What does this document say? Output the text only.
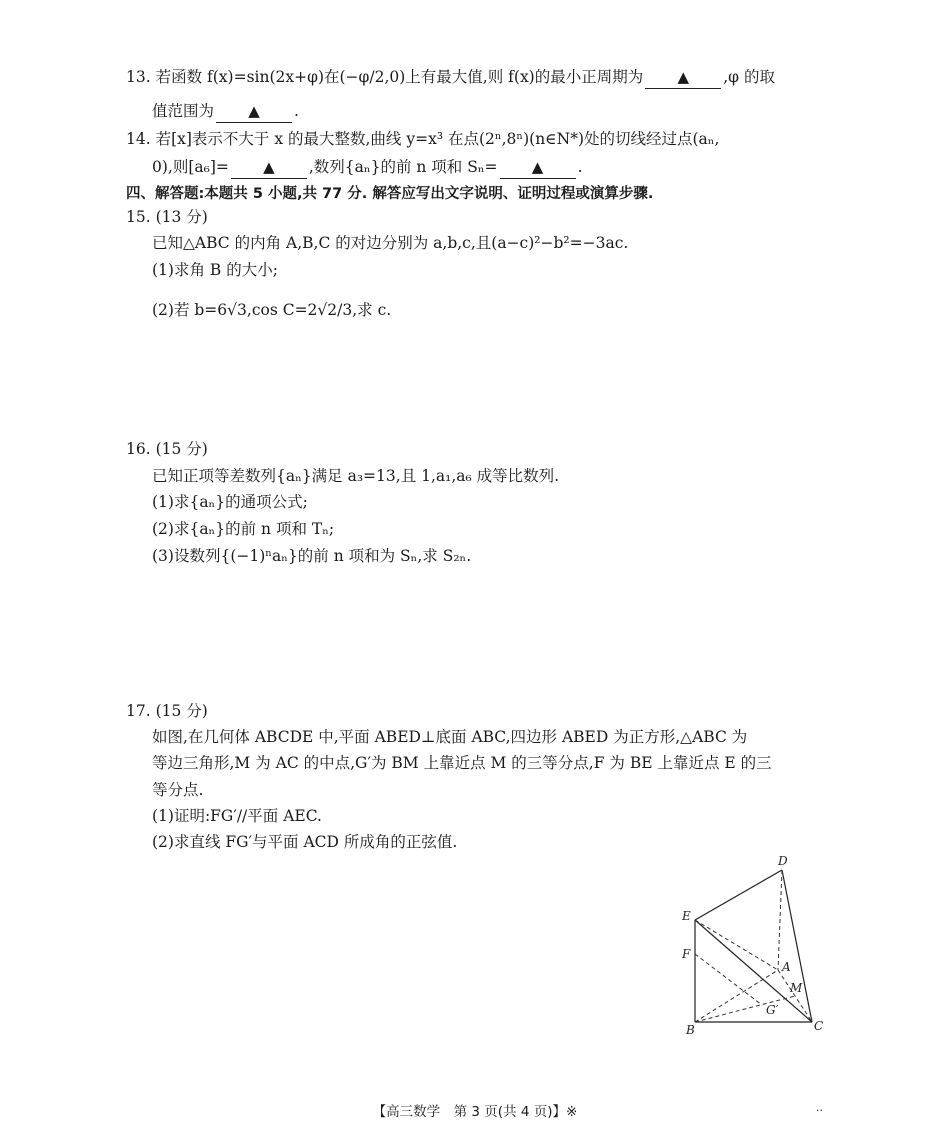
13. 若函数 f(x)=sin(2x+φ)在(−φ/2,0)上有最大值,则 f(x)的最小正周期为 ▲ ,φ 的取
值范围为 ▲ .
14. 若[x]表示不大于 x 的最大整数,曲线 y=x³ 在点(2ⁿ,8ⁿ)(n∈N*)处的切线经过点(aₙ,
0),则[a₆]= ▲ ,数列{aₙ}的前 n 项和 Sₙ= ▲ .
四、解答题:本题共 5 小题,共 77 分. 解答应写出文字说明、证明过程或演算步骤.
15. (13 分)
已知△ABC 的内角 A,B,C 的对边分别为 a,b,c,且(a−c)²−b²=−3ac.
(1)求角 B 的大小;
(2)若 b=6√3,cos C=2√2/3,求 c.
16. (15 分)
已知正项等差数列{aₙ}满足 a₃=13,且 1,a₁,a₆ 成等比数列.
(1)求{aₙ}的通项公式;
(2)求{aₙ}的前 n 项和 Tₙ;
(3)设数列{(−1)ⁿaₙ}的前 n 项和为 Sₙ,求 S₂ₙ.
17. (15 分)
如图,在几何体 ABCDE 中,平面 ABED⊥底面 ABC,四边形 ABED 为正方形,△ABC 为
等边三角形,M 为 AC 的中点,G′为 BM 上靠近点 M 的三等分点,F 为 BE 上靠近点 E 的三
等分点.
(1)证明:FG′//平面 AEC.
(2)求直线 FG′与平面 ACD 所成角的正弦值.
D
E
F
A
M
G′
B	C
【高三数学　第 3 页(共 4 页)】※	··
